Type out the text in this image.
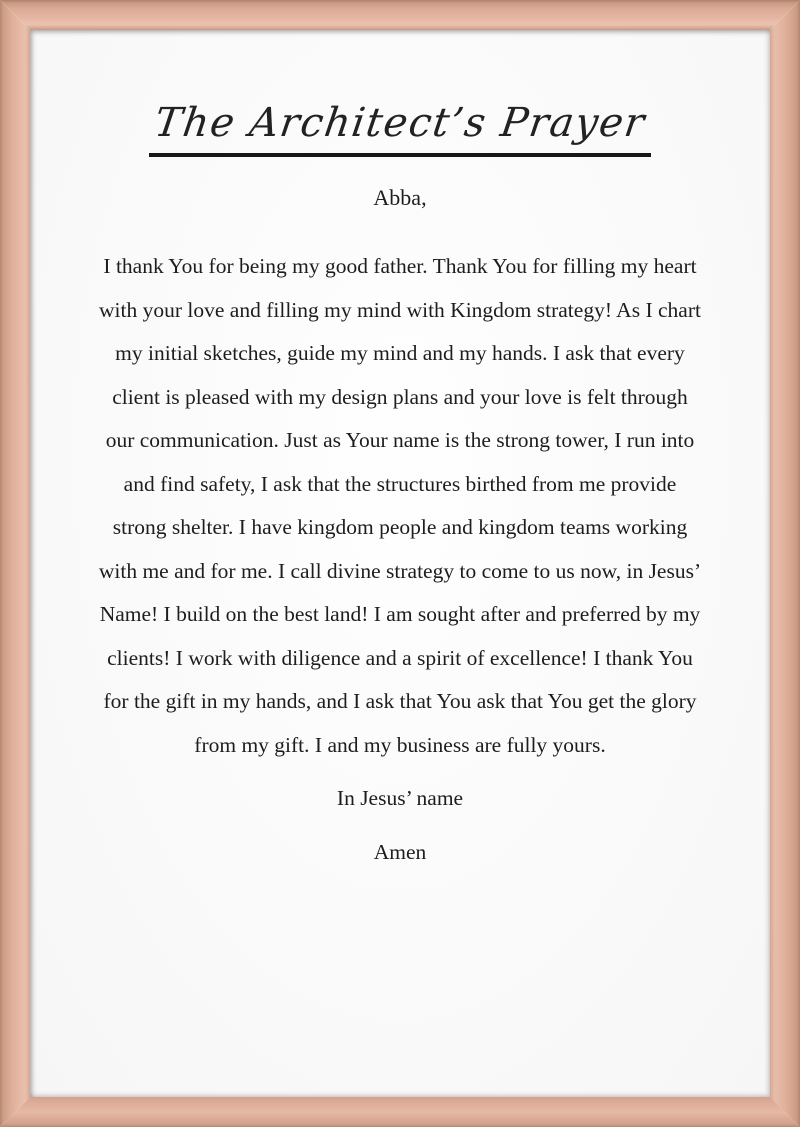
The Architect’s Prayer
Abba,
I thank You for being my good father. Thank You for filling my heart
with your love and filling my mind with Kingdom strategy! As I chart
my initial sketches, guide my mind and my hands. I ask that every
client is pleased with my design plans and your love is felt through
our communication. Just as Your name is the strong tower, I run into
and find safety, I ask that the structures birthed from me provide
strong shelter. I have kingdom people and kingdom teams working
with me and for me. I call divine strategy to come to us now, in Jesus’
Name! I build on the best land! I am sought after and preferred by my
clients! I work with diligence and a spirit of excellence! I thank You
for the gift in my hands, and I ask that You ask that You get the glory
from my gift. I and my business are fully yours.
In Jesus’ name
Amen
